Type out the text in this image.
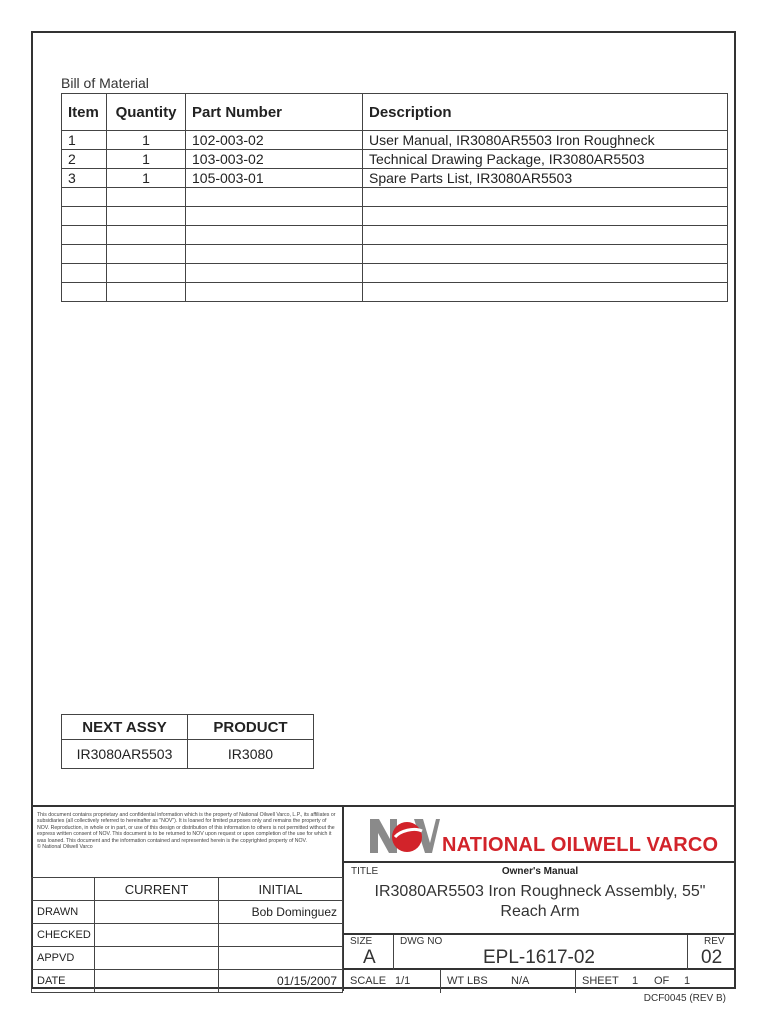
Bill of Material
Item	Quantity	Part Number	Description
1	1	102-003-02	User Manual, IR3080AR5503 Iron Roughneck
2	1	103-003-02	Technical Drawing Package, IR3080AR5503
3	1	105-003-01	Spare Parts List, IR3080AR5503

NEXT ASSY	PRODUCT
IR3080AR5503	IR3080
This document contains proprietary and confidential information which is the property of National Oilwell Varco, L.P., its affiliates or subsidiaries (all collectively referred to hereinafter as "NOV"). It is loaned for limited purposes only and remains the property of NOV. Reproduction, in whole or in part, or use of this design or distribution of this information to others is not permitted without the express written consent of NOV. This document is to be returned to NOV upon request or upon completion of the use for which it was loaned. This document and the information contained and represented herein is the copyrighted property of NOV.
© National Oilwell Varco
	CURRENT	INITIAL
DRAWN		Bob Dominguez
CHECKED		
APPVD		
DATE		01/15/2007
NATIONAL OILWELL VARCO
TITLE	Owner's Manual
IR3080AR5503 Iron Roughneck Assembly, 55" Reach Arm
SIZE
A
DWG NO
EPL-1617-02
REV
02
SCALE 1/1	WT LBS N/A	SHEET 1 OF 1
DCF0045 (REV B)
